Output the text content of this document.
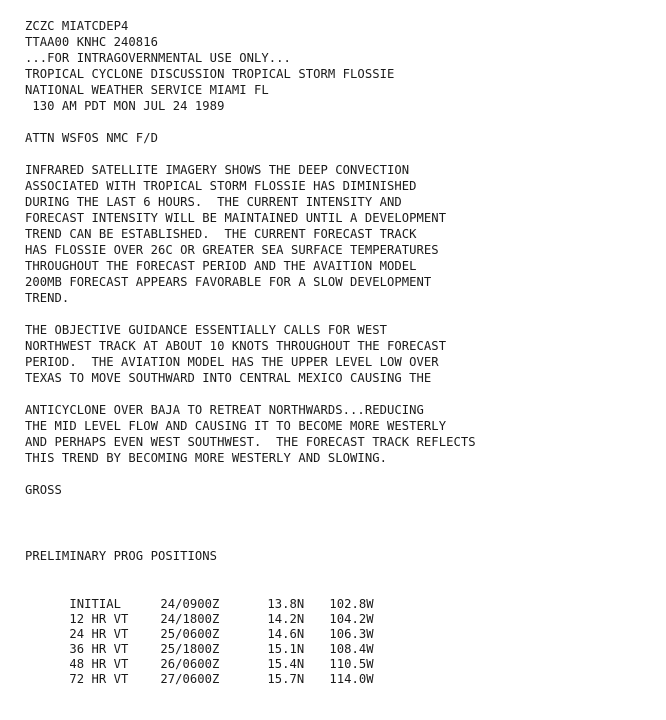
ZCZC MIATCDEP4
TTAA00 KNHC 240816
...FOR INTRAGOVERNMENTAL USE ONLY...
TROPICAL CYCLONE DISCUSSION TROPICAL STORM FLOSSIE
NATIONAL WEATHER SERVICE MIAMI FL
130 AM PDT MON JUL 24 1989
ATTN WSFOS NMC F/D
INFRARED SATELLITE IMAGERY SHOWS THE DEEP CONVECTION
ASSOCIATED WITH TROPICAL STORM FLOSSIE HAS DIMINISHED
DURING THE LAST 6 HOURS.  THE CURRENT INTENSITY AND
FORECAST INTENSITY WILL BE MAINTAINED UNTIL A DEVELOPMENT
TREND CAN BE ESTABLISHED.  THE CURRENT FORECAST TRACK
HAS FLOSSIE OVER 26C OR GREATER SEA SURFACE TEMPERATURES
THROUGHOUT THE FORECAST PERIOD AND THE AVAITION MODEL
200MB FORECAST APPEARS FAVORABLE FOR A SLOW DEVELOPMENT
TREND.
THE OBJECTIVE GUIDANCE ESSENTIALLY CALLS FOR WEST
NORTHWEST TRACK AT ABOUT 10 KNOTS THROUGHOUT THE FORECAST
PERIOD.  THE AVIATION MODEL HAS THE UPPER LEVEL LOW OVER
TEXAS TO MOVE SOUTHWARD INTO CENTRAL MEXICO CAUSING THE
ANTICYCLONE OVER BAJA TO RETREAT NORTHWARDS...REDUCING
THE MID LEVEL FLOW AND CAUSING IT TO BECOME MORE WESTERLY
AND PERHAPS EVEN WEST SOUTHWEST.  THE FORECAST TRACK REFLECTS
THIS TREND BY BECOMING MORE WESTERLY AND SLOWING.
GROSS
PRELIMINARY PROG POSITIONS

INITIAL	24/0900Z	13.8N 102.8W

12 HR VT	24/1800Z	14.2N 104.2W

24 HR VT	25/0600Z	14.6N 106.3W

36 HR VT	25/1800Z	15.1N 108.4W

48 HR VT	26/0600Z	15.4N 110.5W

72 HR VT	27/0600Z	15.7N 114.0W
